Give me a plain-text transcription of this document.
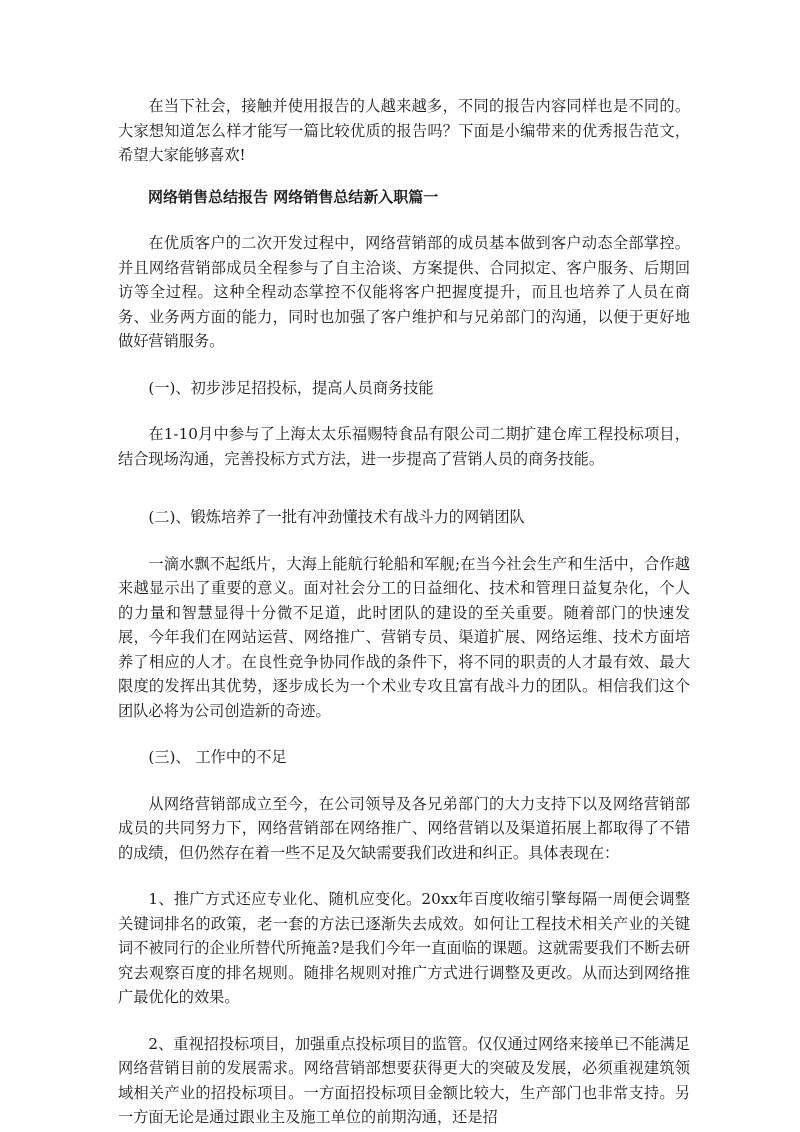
在当下社会，接触并使用报告的人越来越多，不同的报告内容同样也是不同的。大家想知道怎么样才能写一篇比较优质的报告吗？下面是小编带来的优秀报告范文，希望大家能够喜欢!

网络销售总结报告 网络销售总结新入职篇一

在优质客户的二次开发过程中，网络营销部的成员基本做到客户动态全部掌控。并且网络营销部成员全程参与了自主洽谈、方案提供、合同拟定、客户服务、后期回访等全过程。这种全程动态掌控不仅能将客户把握度提升，而且也培养了人员在商务、业务两方面的能力，同时也加强了客户维护和与兄弟部门的沟通，以便于更好地做好营销服务。

(一)、初步涉足招投标，提高人员商务技能

在1-10月中参与了上海太太乐福赐特食品有限公司二期扩建仓库工程投标项目，结合现场沟通，完善投标方式方法，进一步提高了营销人员的商务技能。

(二)、锻炼培养了一批有冲劲懂技术有战斗力的网销团队

一滴水飘不起纸片，大海上能航行轮船和军舰;在当今社会生产和生活中，合作越来越显示出了重要的意义。面对社会分工的日益细化、技术和管理日益复杂化，个人的力量和智慧显得十分微不足道，此时团队的建设的至关重要。随着部门的快速发展，今年我们在网站运营、网络推广、营销专员、渠道扩展、网络运维、技术方面培养了相应的人才。在良性竞争协同作战的条件下，将不同的职责的人才最有效、最大限度的发挥出其优势，逐步成长为一个术业专攻且富有战斗力的团队。相信我们这个团队必将为公司创造新的奇迹。

(三)、 工作中的不足

从网络营销部成立至今，在公司领导及各兄弟部门的大力支持下以及网络营销部成员的共同努力下，网络营销部在网络推广、网络营销以及渠道拓展上都取得了不错的成绩，但仍然存在着一些不足及欠缺需要我们改进和纠正。具体表现在：

1、推广方式还应专业化、随机应变化。20xx年百度收缩引擎每隔一周便会调整关键词排名的政策，老一套的方法已逐渐失去成效。如何让工程技术相关产业的关键词不被同行的企业所替代所掩盖?是我们今年一直面临的课题。这就需要我们不断去研究去观察百度的排名规则。随排名规则对推广方式进行调整及更改。从而达到网络推广最优化的效果。

2、重视招投标项目，加强重点投标项目的监管。仅仅通过网络来接单已不能满足网络营销目前的发展需求。网络营销部想要获得更大的突破及发展，必须重视建筑领域相关产业的招投标项目。一方面招投标项目金额比较大，生产部门也非常支持。另一方面无论是通过跟业主及施工单位的前期沟通，还是招
